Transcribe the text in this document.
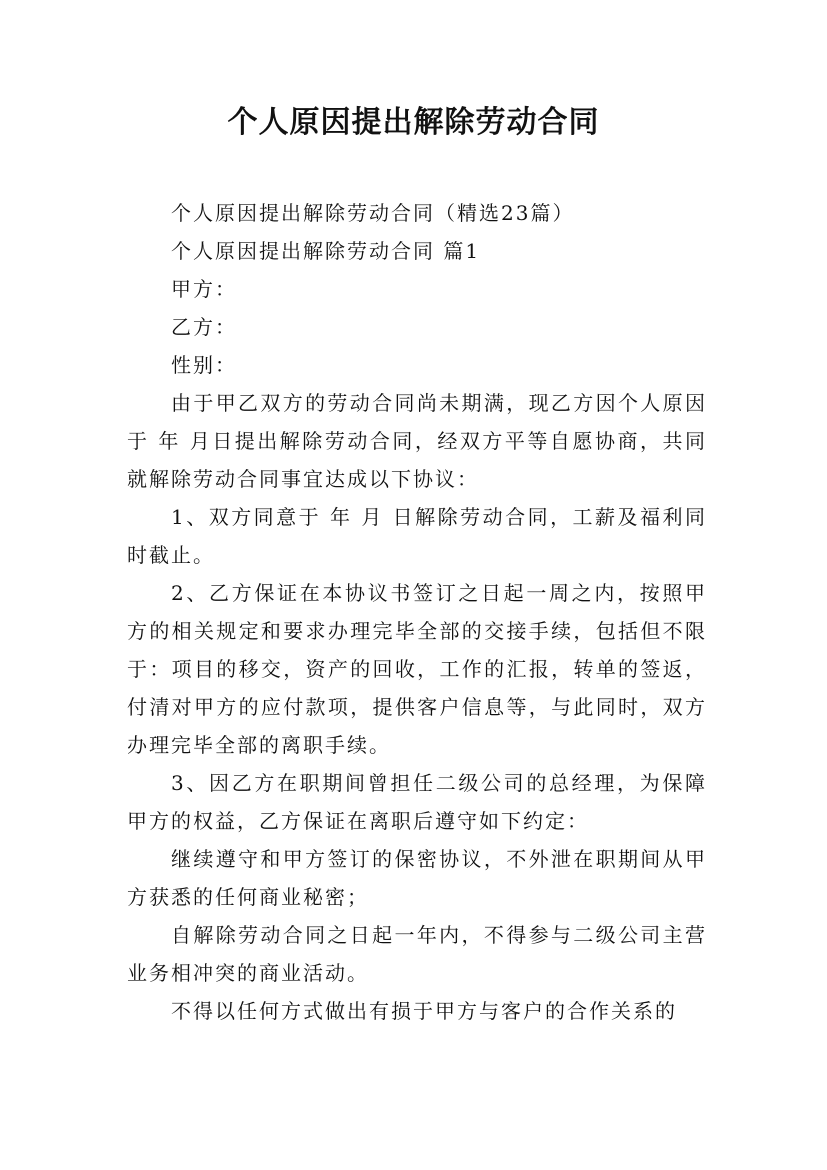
个人原因提出解除劳动合同

个人原因提出解除劳动合同（精选23篇）

个人原因提出解除劳动合同 篇1

甲方：

乙方：

性别：

由于甲乙双方的劳动合同尚未期满，现乙方因个人原因于 年 月日提出解除劳动合同，经双方平等自愿协商，共同就解除劳动合同事宜达成以下协议：

1、双方同意于 年 月 日解除劳动合同，工薪及福利同时截止。

2、乙方保证在本协议书签订之日起一周之内，按照甲方的相关规定和要求办理完毕全部的交接手续，包括但不限于：项目的移交，资产的回收，工作的汇报，转单的签返，付清对甲方的应付款项，提供客户信息等，与此同时，双方办理完毕全部的离职手续。

3、因乙方在职期间曾担任二级公司的总经理，为保障甲方的权益，乙方保证在离职后遵守如下约定：

继续遵守和甲方签订的保密协议，不外泄在职期间从甲方获悉的任何商业秘密；

自解除劳动合同之日起一年内，不得参与二级公司主营业务相冲突的商业活动。

不得以任何方式做出有损于甲方与客户的合作关系的
